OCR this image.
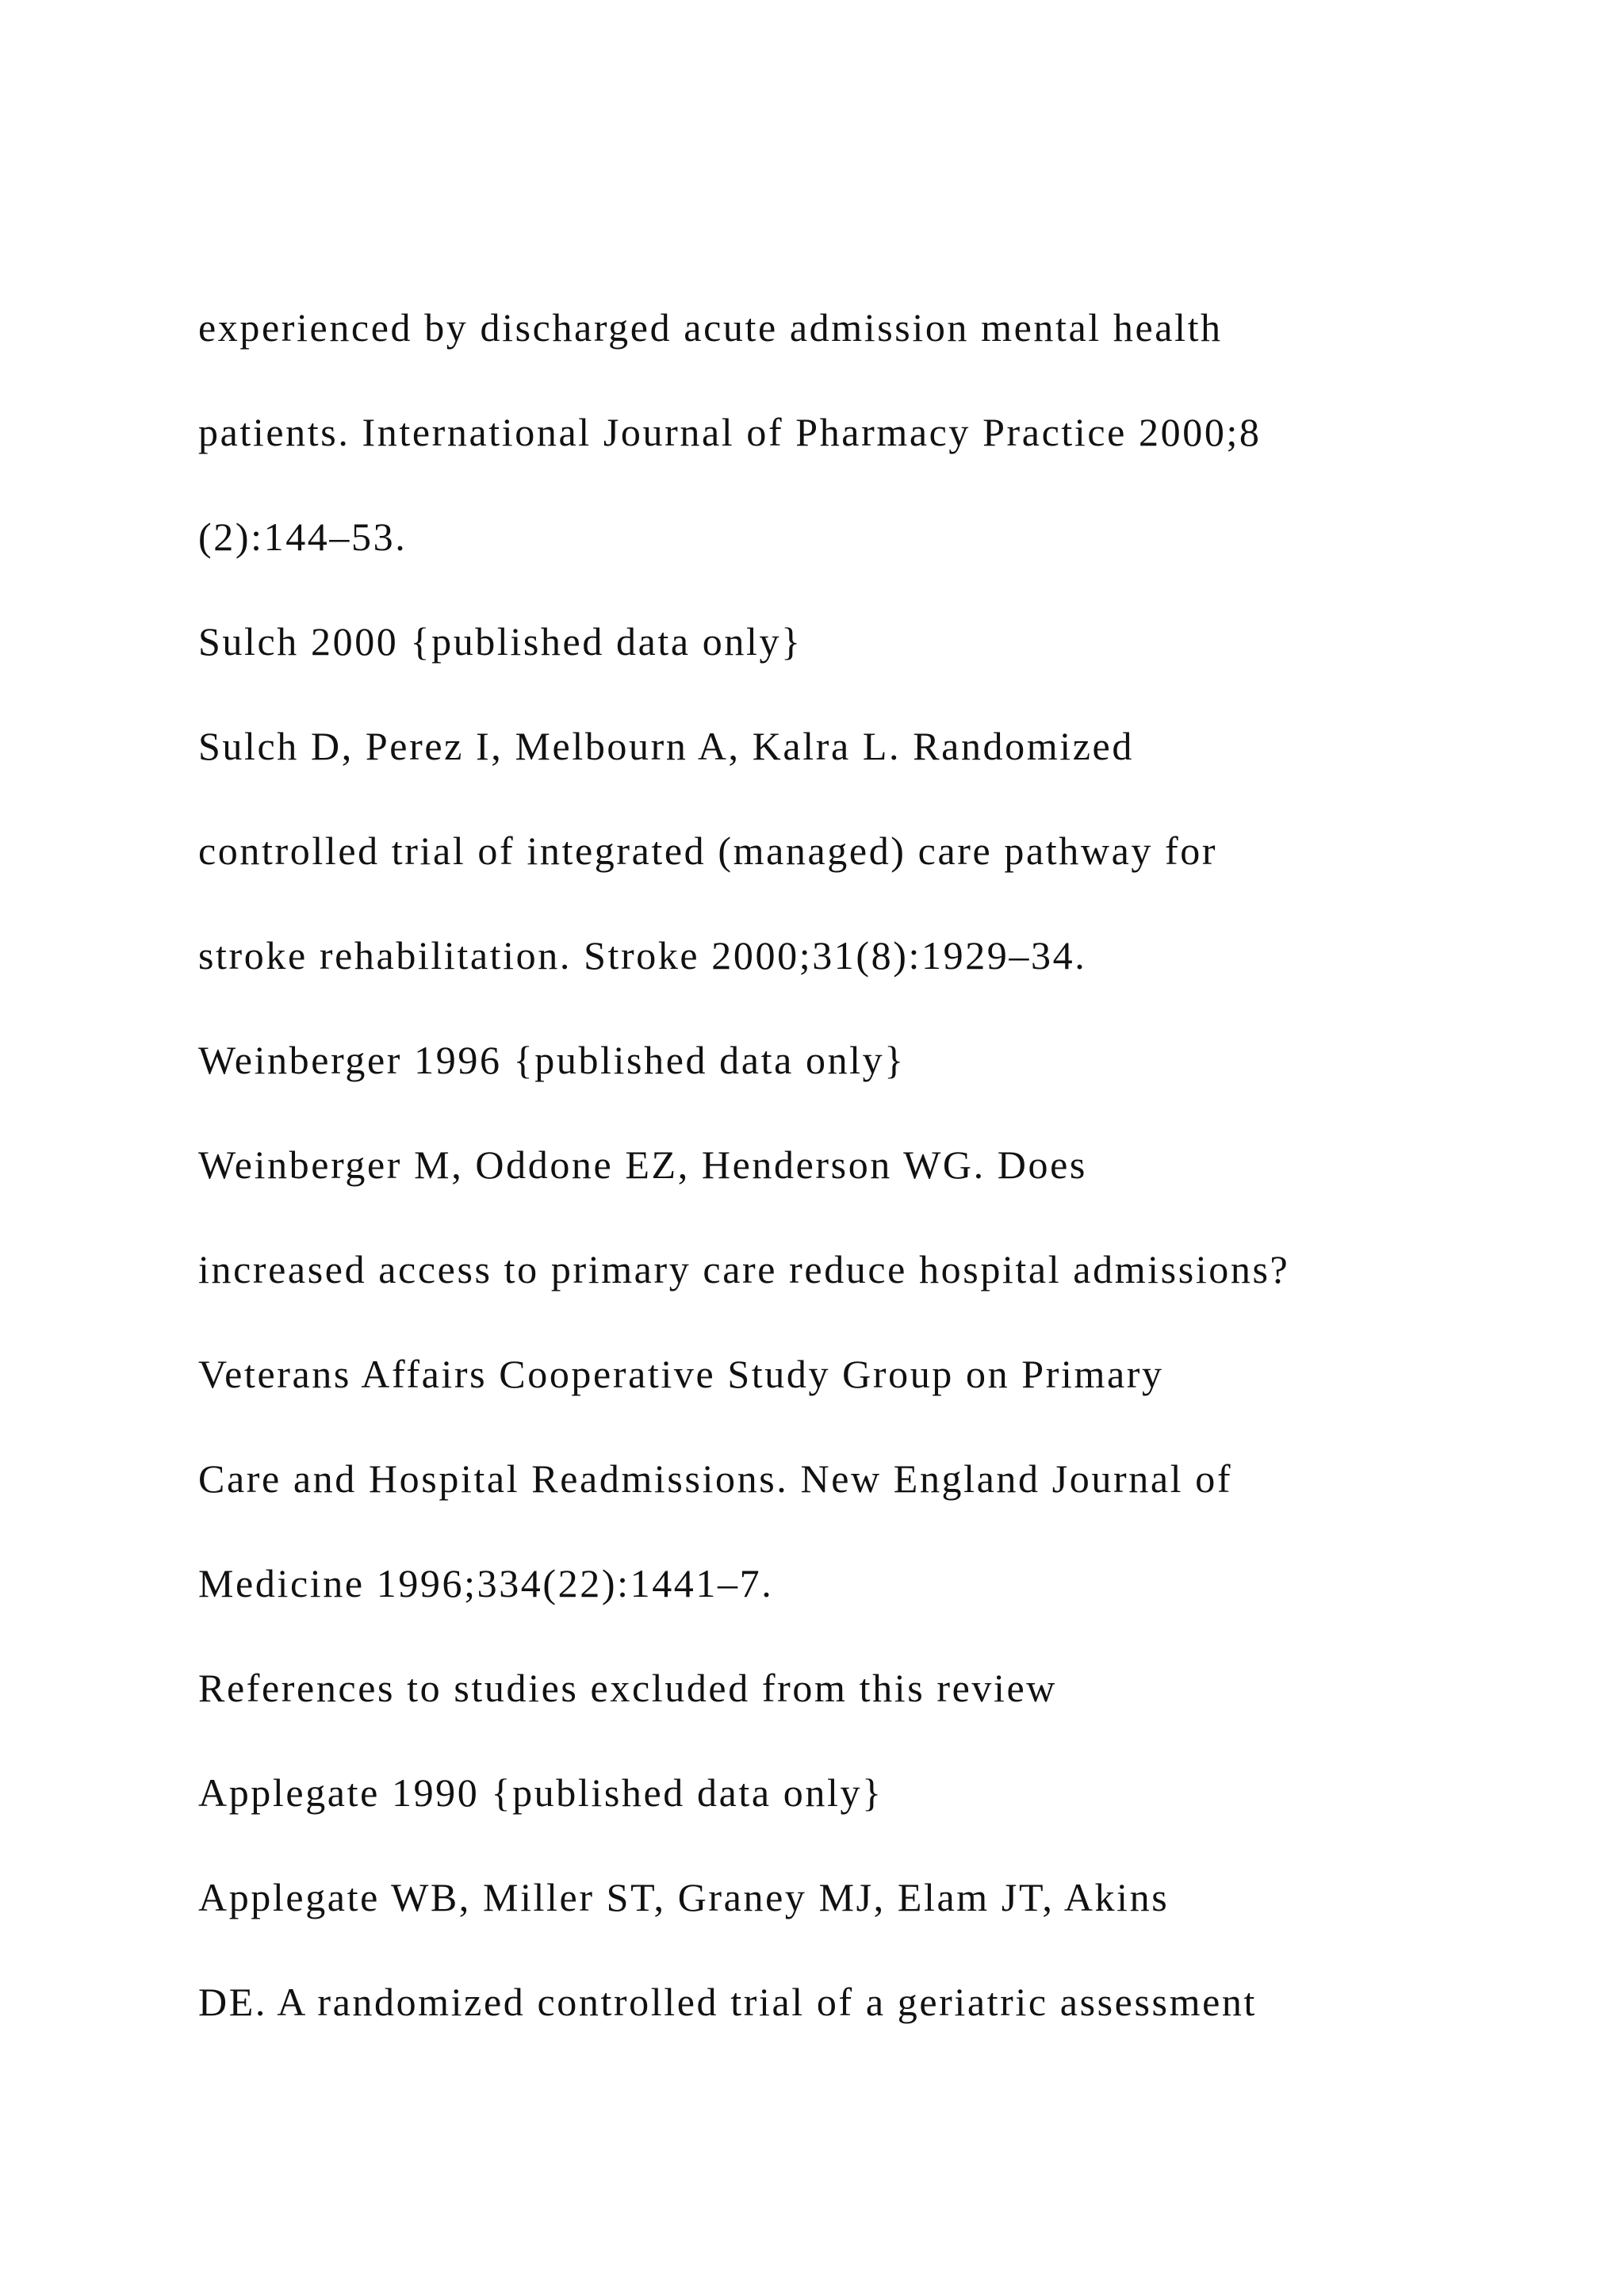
experienced by discharged acute admission mental health
patients. International Journal of Pharmacy Practice 2000;8
(2):144–53.
Sulch 2000 {published data only}
Sulch D, Perez I, Melbourn A, Kalra L. Randomized
controlled trial of integrated (managed) care pathway for
stroke rehabilitation. Stroke 2000;31(8):1929–34.
Weinberger 1996 {published data only}
Weinberger M, Oddone EZ, Henderson WG. Does
increased access to primary care reduce hospital admissions?
Veterans Affairs Cooperative Study Group on Primary
Care and Hospital Readmissions. New England Journal of
Medicine 1996;334(22):1441–7.
References to studies excluded from this review
Applegate 1990 {published data only}
Applegate WB, Miller ST, Graney MJ, Elam JT, Akins
DE. A randomized controlled trial of a geriatric assessment
